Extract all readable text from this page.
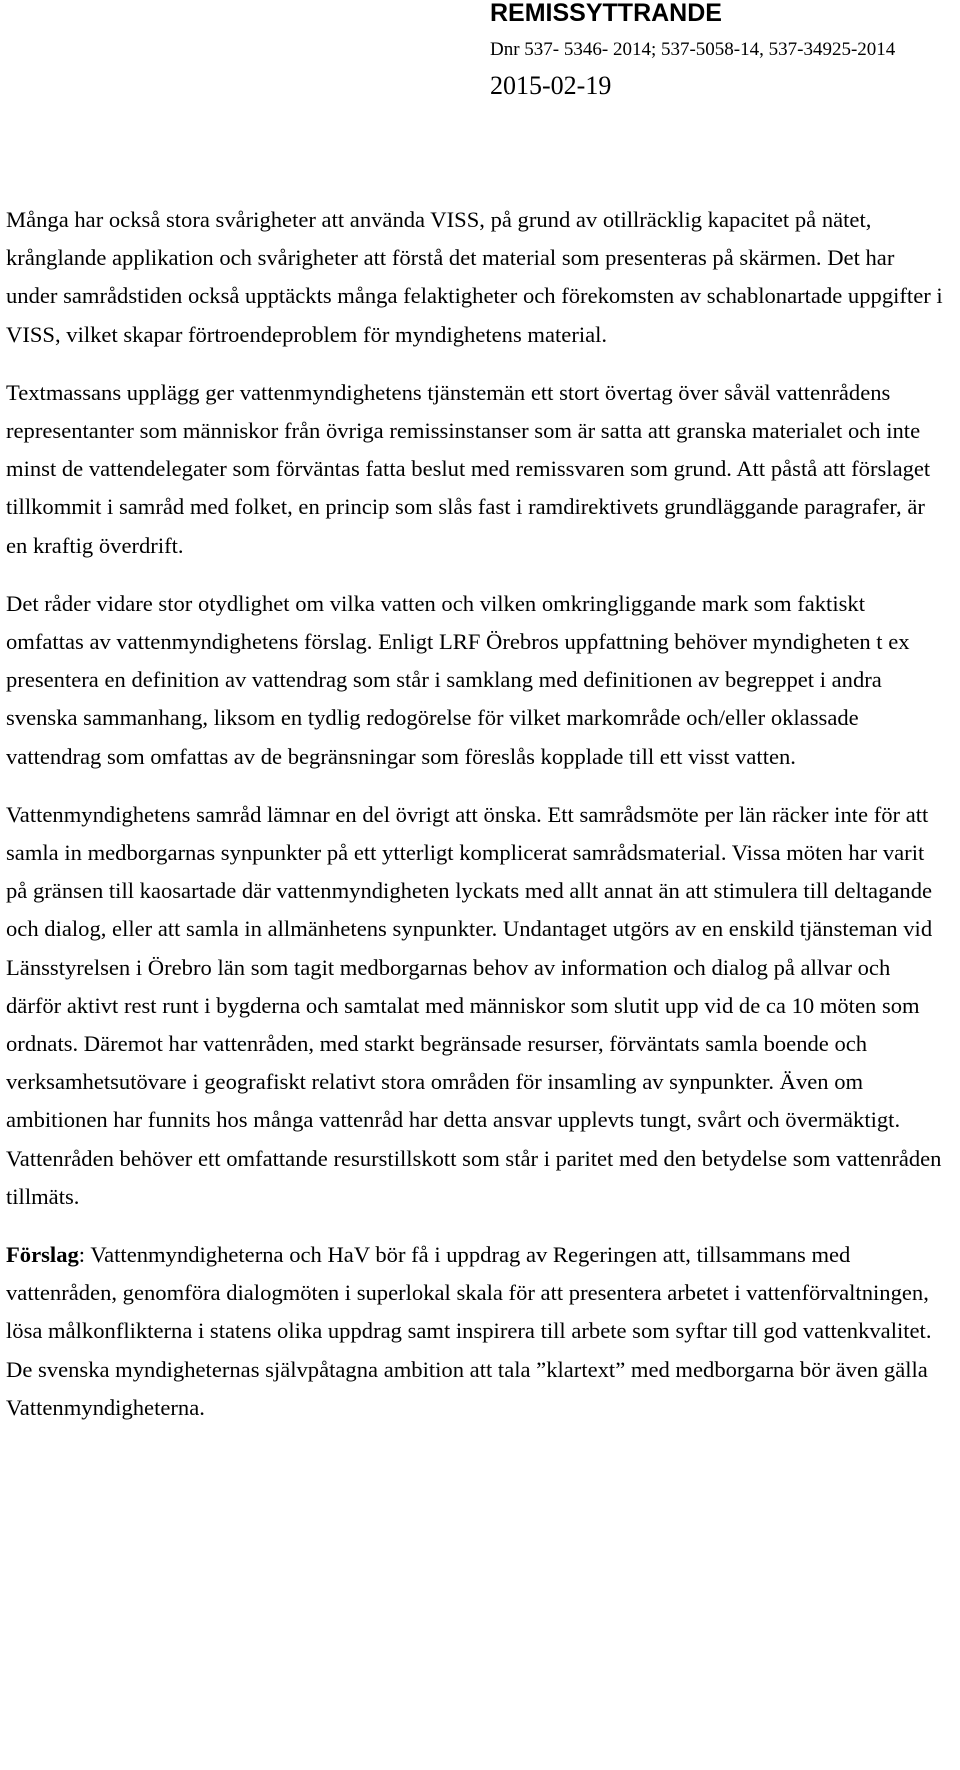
REMISSYTTRANDE
Dnr 537- 5346- 2014; 537-5058-14, 537-34925-2014
2015-02-19

Många har också stora svårigheter att använda VISS, på grund av otillräcklig kapacitet på nätet, krånglande applikation och svårigheter att förstå det material som presenteras på skärmen. Det har under samrådstiden också upptäckts många felaktigheter och förekomsten av schablonartade uppgifter i VISS, vilket skapar förtroendeproblem för myndighetens material.

Textmassans upplägg ger vattenmyndighetens tjänstemän ett stort övertag över såväl vattenrådens representanter som människor från övriga remissinstanser som är satta att granska materialet och inte minst de vattendelegater som förväntas fatta beslut med remissvaren som grund. Att påstå att förslaget tillkommit i samråd med folket, en princip som slås fast i ramdirektivets grundläggande paragrafer, är en kraftig överdrift.

Det råder vidare stor otydlighet om vilka vatten och vilken omkringliggande mark som faktiskt omfattas av vattenmyndighetens förslag. Enligt LRF Örebros uppfattning behöver myndigheten t ex presentera en definition av vattendrag som står i samklang med definitionen av begreppet i andra svenska sammanhang, liksom en tydlig redogörelse för vilket markområde och/eller oklassade vattendrag som omfattas av de begränsningar som föreslås kopplade till ett visst vatten.

Vattenmyndighetens samråd lämnar en del övrigt att önska. Ett samrådsmöte per län räcker inte för att samla in medborgarnas synpunkter på ett ytterligt komplicerat samrådsmaterial. Vissa möten har varit på gränsen till kaosartade där vattenmyndigheten lyckats med allt annat än att stimulera till deltagande och dialog, eller att samla in allmänhetens synpunkter. Undantaget utgörs av en enskild tjänsteman vid Länsstyrelsen i Örebro län som tagit medborgarnas behov av information och dialog på allvar och därför aktivt rest runt i bygderna och samtalat med människor som slutit upp vid de ca 10 möten som ordnats. Däremot har vattenråden, med starkt begränsade resurser, förväntats samla boende och verksamhetsutövare i geografiskt relativt stora områden för insamling av synpunkter. Även om ambitionen har funnits hos många vattenråd har detta ansvar upplevts tungt, svårt och övermäktigt. Vattenråden behöver ett omfattande resurstillskott som står i paritet med den betydelse som vattenråden tillmäts.

Förslag: Vattenmyndigheterna och HaV bör få i uppdrag av Regeringen att, tillsammans med vattenråden, genomföra dialogmöten i superlokal skala för att presentera arbetet i vattenförvaltningen, lösa målkonflikterna i statens olika uppdrag samt inspirera till arbete som syftar till god vattenkvalitet. De svenska myndigheternas självpåtagna ambition att tala ”klartext” med medborgarna bör även gälla Vattenmyndigheterna.
